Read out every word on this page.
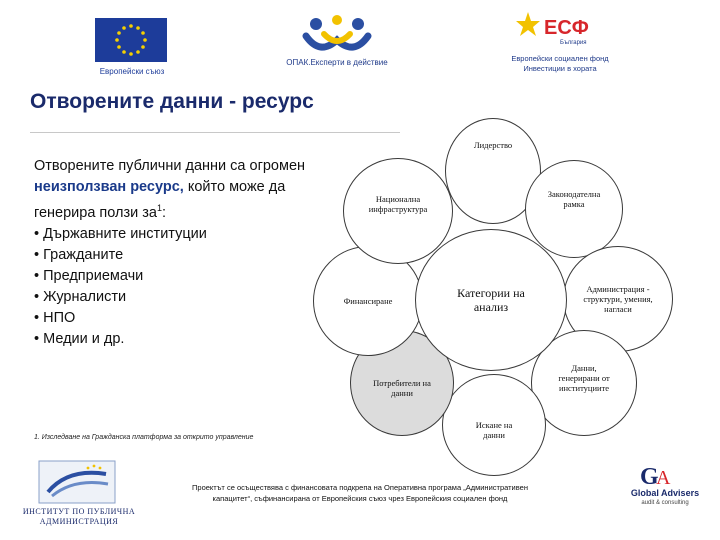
Европейски съюз
ОПАК.Експерти в действие
ЕСФ
България
Европейски социален фонд
Инвестиции в хората
Отворените данни - ресурс
Отворените публични данни са огромен неизползван ресурс, който може да генерира ползи $за^1$:
• Държавните институции
• Гражданите
• Предприемачи
• Журналисти
• НПО
• Медии и др.
1. Изследване на Гражданска платформа за открито управление
Категории на анализ
Лидерство
Законодателна рамка
Администрация - структури, умения, нагласи
Данни, генерирани от институциите
Искане на данни
Потребители на данни
Финансиране
Национална инфраструктура
ИНСТИТУТ ПО ПУБЛИЧНА
АДМИНИСТРАЦИЯ
Проектът се осъществява с финансовата подкрепа на Оперативна програма „Административен
капацитет“, съфинансирана от Европейския съюз чрез Европейския социален фонд
G
A
Global Advisers
audit & consulting
